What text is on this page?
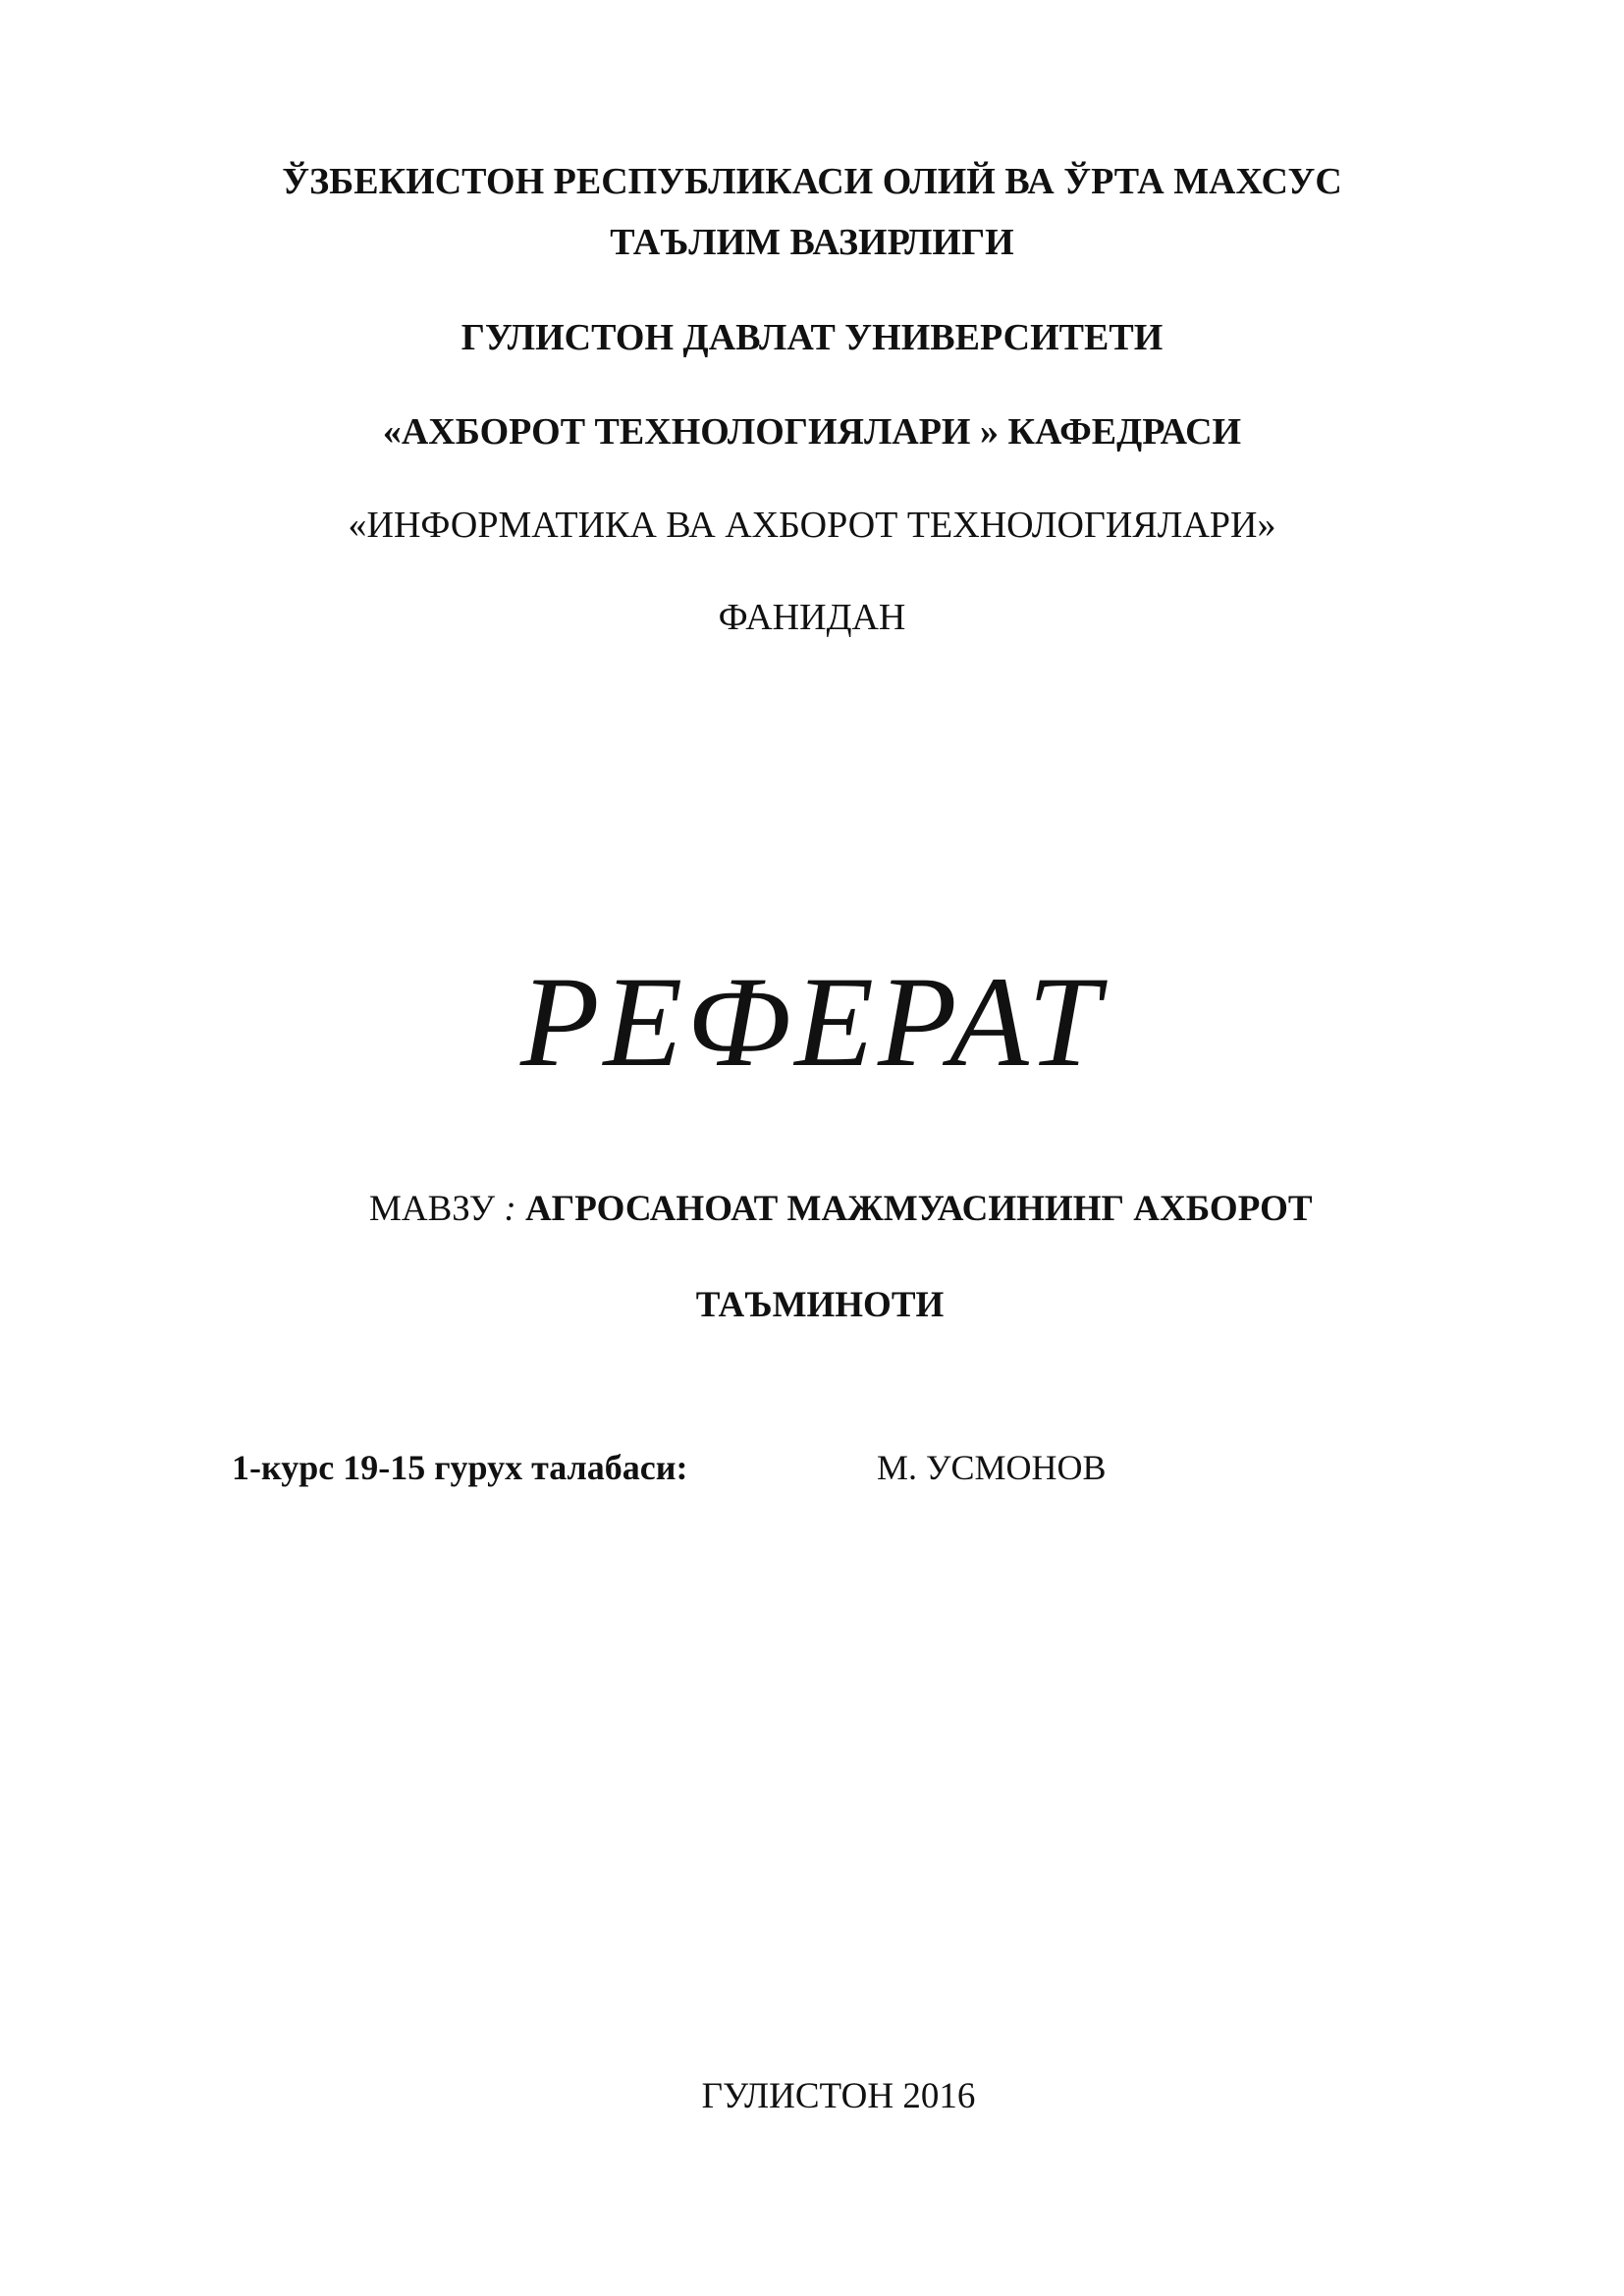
ЎЗБЕКИСТОН РЕСПУБЛИКАСИ ОЛИЙ ВА ЎРТА МАХСУС
ТАЪЛИМ ВАЗИРЛИГИ
ГУЛИСТОН ДАВЛАТ УНИВЕРСИТЕТИ
«АХБОРОТ ТЕХНОЛОГИЯЛАРИ » КАФЕДРАСИ
«ИНФОРМАТИКА ВА АХБОРОТ ТЕХНОЛОГИЯЛАРИ»
ФАНИДАН
РЕФЕРАТ
МАВЗУ : АГРОСАНОАТ МАЖМУАСИНИНГ АХБОРОТ
ТАЪМИНОТИ
1-курс 19-15 гурух талабаси:	М. УСМОНОВ
ГУЛИСТОН 2016
